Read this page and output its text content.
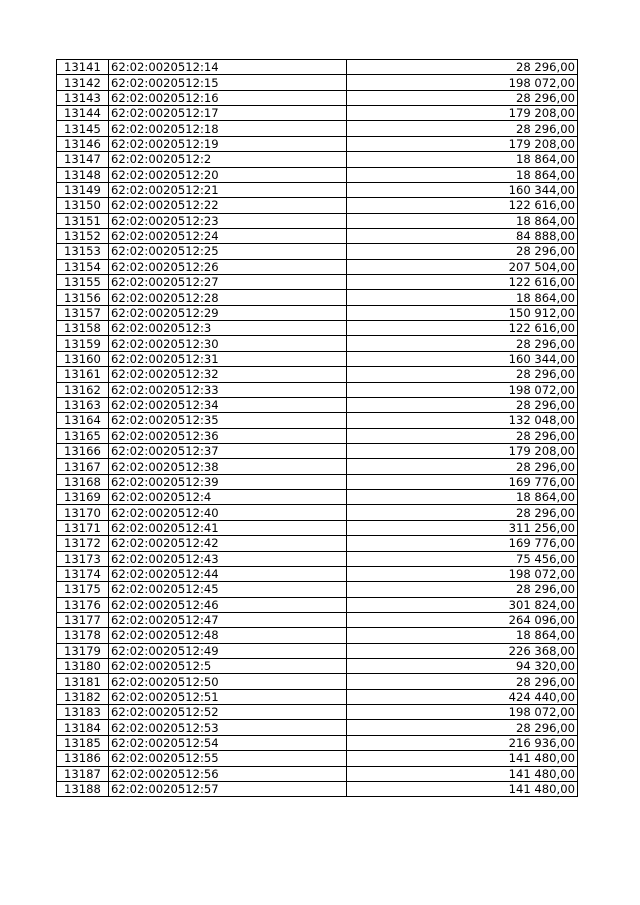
13141	62:02:0020512:14	28 296,00
13142	62:02:0020512:15	198 072,00
13143	62:02:0020512:16	28 296,00
13144	62:02:0020512:17	179 208,00
13145	62:02:0020512:18	28 296,00
13146	62:02:0020512:19	179 208,00
13147	62:02:0020512:2	18 864,00
13148	62:02:0020512:20	18 864,00
13149	62:02:0020512:21	160 344,00
13150	62:02:0020512:22	122 616,00
13151	62:02:0020512:23	18 864,00
13152	62:02:0020512:24	84 888,00
13153	62:02:0020512:25	28 296,00
13154	62:02:0020512:26	207 504,00
13155	62:02:0020512:27	122 616,00
13156	62:02:0020512:28	18 864,00
13157	62:02:0020512:29	150 912,00
13158	62:02:0020512:3	122 616,00
13159	62:02:0020512:30	28 296,00
13160	62:02:0020512:31	160 344,00
13161	62:02:0020512:32	28 296,00
13162	62:02:0020512:33	198 072,00
13163	62:02:0020512:34	28 296,00
13164	62:02:0020512:35	132 048,00
13165	62:02:0020512:36	28 296,00
13166	62:02:0020512:37	179 208,00
13167	62:02:0020512:38	28 296,00
13168	62:02:0020512:39	169 776,00
13169	62:02:0020512:4	18 864,00
13170	62:02:0020512:40	28 296,00
13171	62:02:0020512:41	311 256,00
13172	62:02:0020512:42	169 776,00
13173	62:02:0020512:43	75 456,00
13174	62:02:0020512:44	198 072,00
13175	62:02:0020512:45	28 296,00
13176	62:02:0020512:46	301 824,00
13177	62:02:0020512:47	264 096,00
13178	62:02:0020512:48	18 864,00
13179	62:02:0020512:49	226 368,00
13180	62:02:0020512:5	94 320,00
13181	62:02:0020512:50	28 296,00
13182	62:02:0020512:51	424 440,00
13183	62:02:0020512:52	198 072,00
13184	62:02:0020512:53	28 296,00
13185	62:02:0020512:54	216 936,00
13186	62:02:0020512:55	141 480,00
13187	62:02:0020512:56	141 480,00
13188	62:02:0020512:57	141 480,00
